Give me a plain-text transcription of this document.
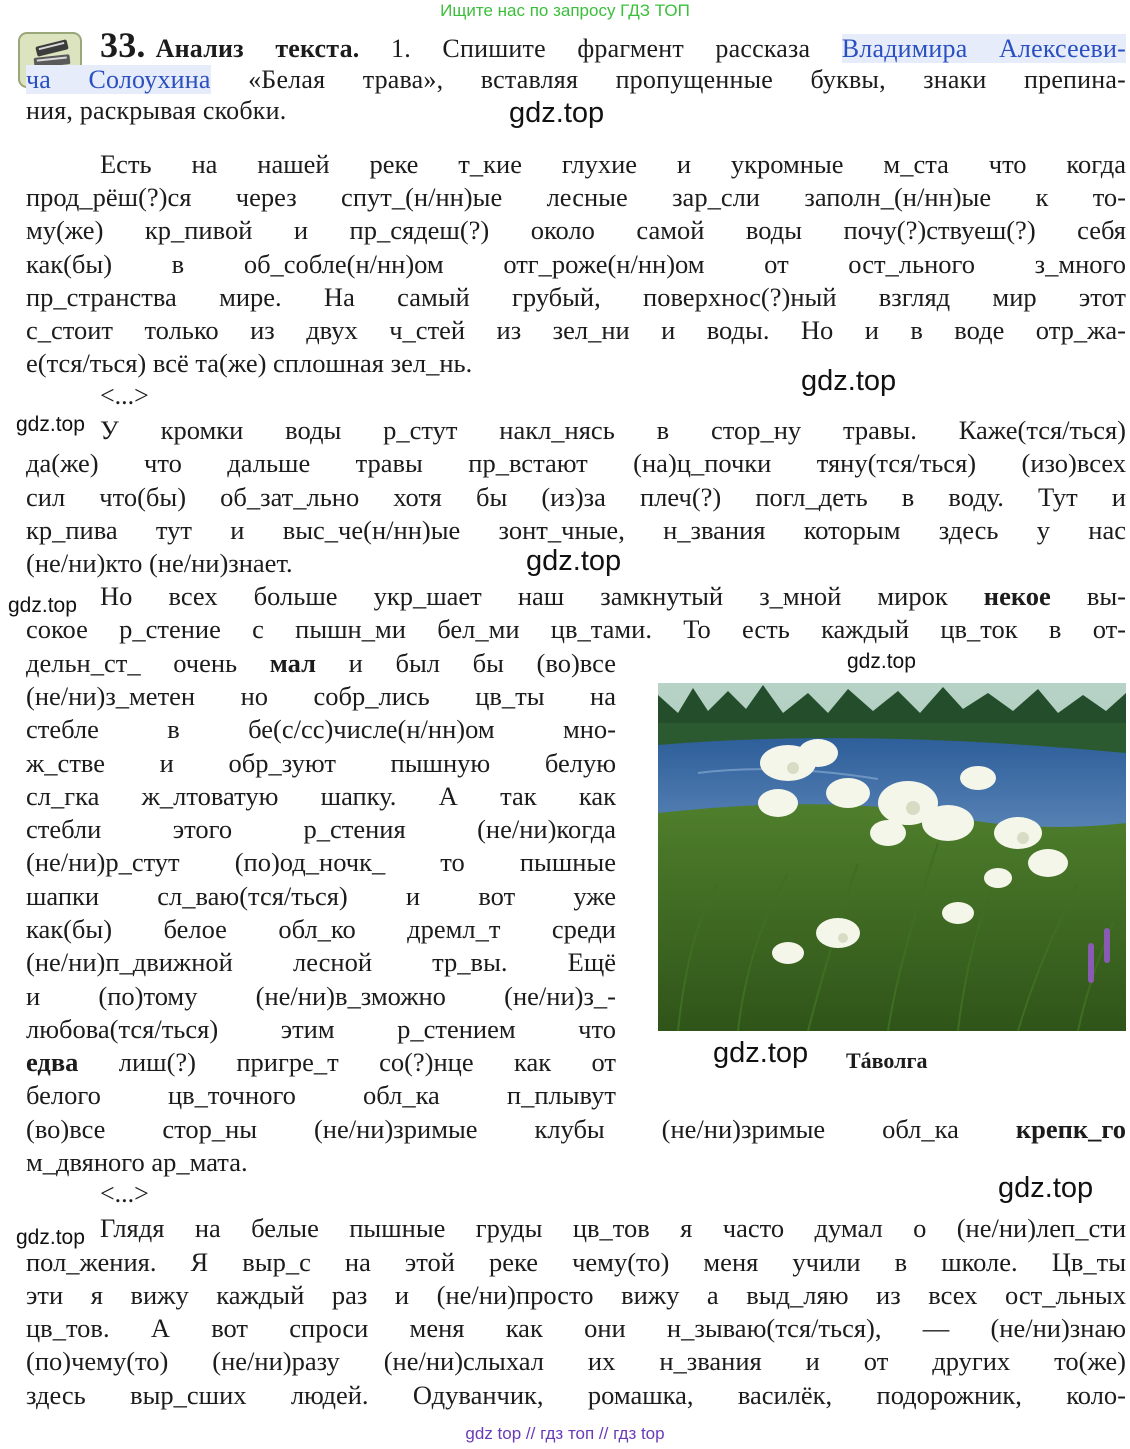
Ищите нас по запросу ГДЗ ТОП
33. Анализ текста. 1. Спишите фрагмент рассказа Владимира Алексееви-
ча Солоухина «Белая трава», вставляя пропущенные буквы, знаки препина-
ния, раскрывая скобки.	gdz.top
gdz.top
gdz.top
gdz.top
gdz.top
gdz.top
gdz.top
gdz.top
gdz.top
Есть на нашей реке т_кие глухие и укромные м_ста что когда
прод_рёш(?)ся через спут_(н/нн)ые лесные зар_сли заполн_(н/нн)ые к то-
му(же) кр_пивой и пр_сядеш(?) около самой воды почу(?)ствуеш(?) себя
как(бы) в об_собле(н/нн)ом отг_роже(н/нн)ом от ост_льного з_много
пр_странства мире. На самый грубый, поверхнос(?)ный взгляд мир этот
с_стоит только из двух ч_стей из зел_ни и воды. Но и в воде отр_жа-
е(тся/ться) всё та(же) сплошная зел_нь.
<...>
У кромки воды р_стут накл_нясь в стор_ну травы. Каже(тся/ться)
да(же) что дальше травы пр_встают (на)ц_почки тяну(тся/ться) (изо)всех
сил что(бы) об_зат_льно хотя бы (из)за плеч(?) погл_деть в воду. Тут и
кр_пива тут и выс_че(н/нн)ые зонт_чные, н_звания которым здесь у нас
(не/ни)кто (не/ни)знает.
Но всех больше укр_шает наш замкнутый з_мной мирок некое вы-
сокое р_стение с пышн_ми бел_ми цв_тами. То есть каждый цв_ток в от-
дельн_ст_ очень мал и был бы (во)все
(не/ни)з_метен но собр_лись цв_ты на
стебле в бе(с/сс)числе(н/нн)ом мно-
ж_стве и обр_зуют пышную белую
сл_гка ж_лтоватую шапку. А так как
стебли этого р_стения (не/ни)когда
(не/ни)р_стут (по)од_ночк_ то пышные
шапки сл_ваю(тся/ться) и вот уже
как(бы) белое обл_ко дремл_т среди
(не/ни)п_движной лесной тр_вы. Ещё
и (по)тому (не/ни)в_зможно (не/ни)з_-
любова(тся/ться) этим р_стением что
едва лиш(?) пригре_т со(?)нце как от
белого цв_точного обл_ка п_плывут
(во)все стор_ны (не/ни)зримые клубы (не/ни)зримые обл_ка крепк_го
м_двяного ар_мата.
<...>
Глядя на белые пышные груды цв_тов я часто думал о (не/ни)леп_сти
пол_жения. Я выр_с на этой реке чему(то) меня учили в школе. Цв_ты
эти я вижу каждый раз и (не/ни)просто вижу а выд_ляю из всех ост_льных
цв_тов. А вот спроси меня как они н_зываю(тся/ться), — (не/ни)знаю
(по)чему(то) (не/ни)разу (не/ни)слыхал их н_звания и от других то(же)
здесь выр_сших людей. Одуванчик, ромашка, василёк, подорожник, коло-
Тáволга
gdz top // гдз топ // гдз top
